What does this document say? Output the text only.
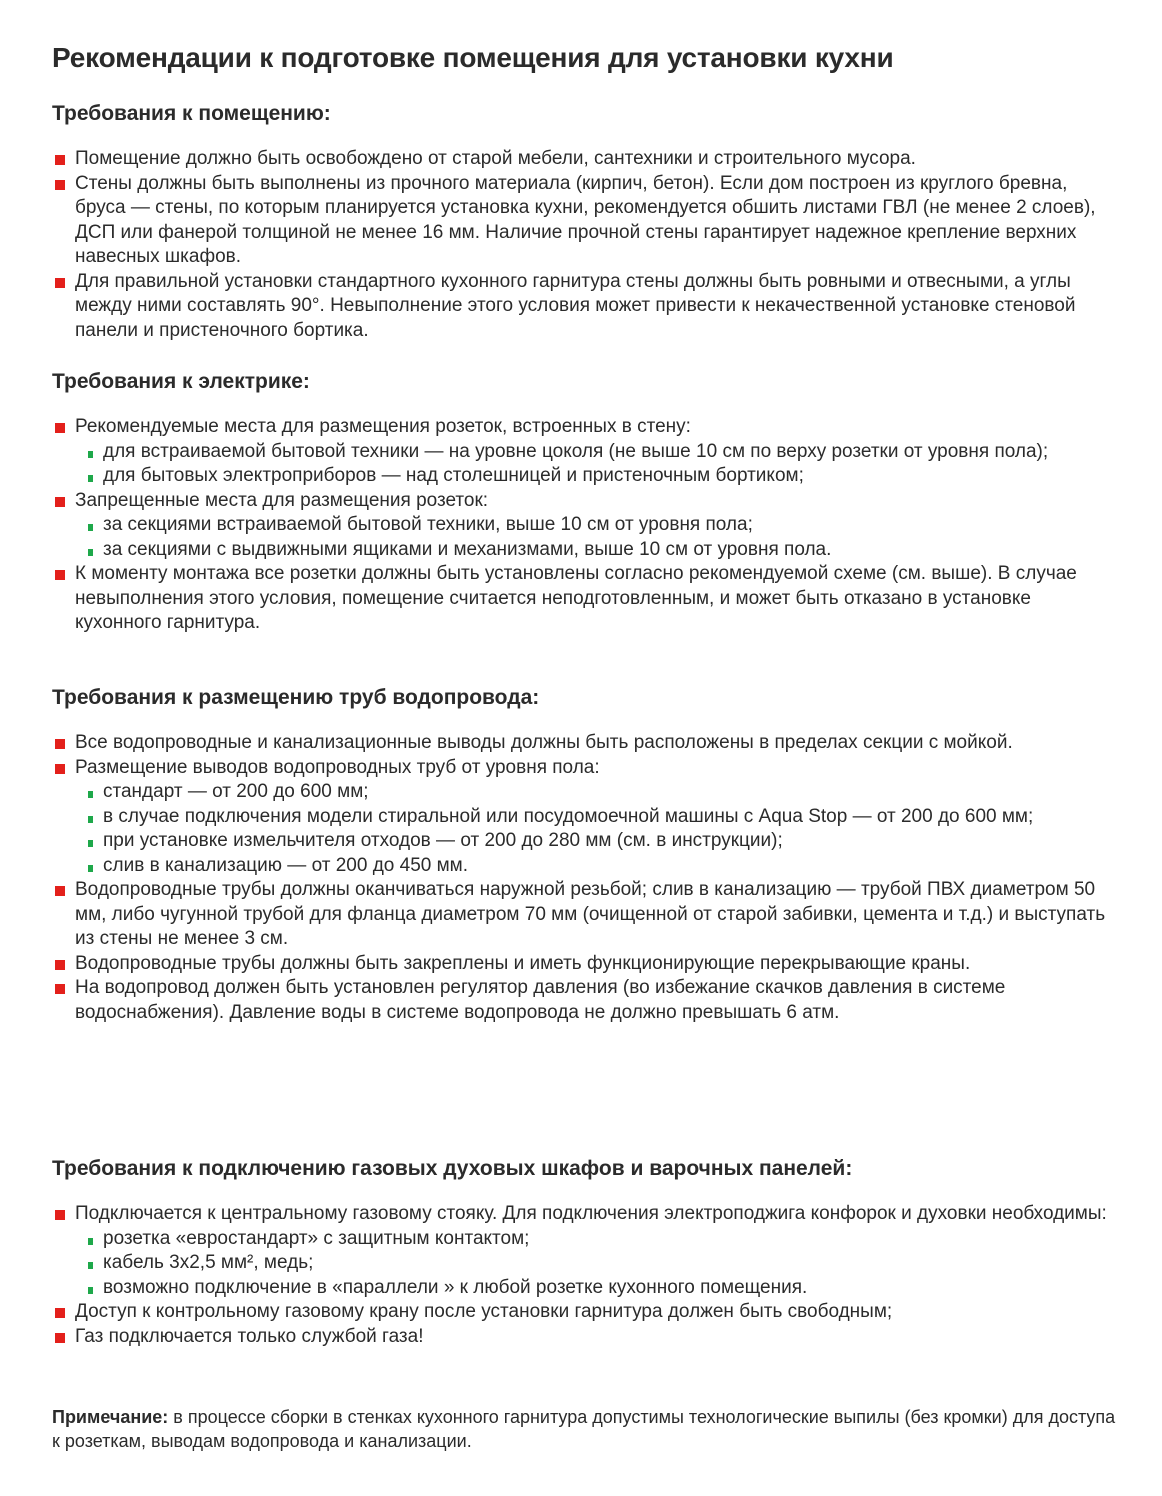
Рекомендации к подготовке помещения для установки кухни
Требования к помещению:
Помещение должно быть освобождено от старой мебели, сантехники и строительного мусора.
Стены должны быть выполнены из прочного материала (кирпич, бетон). Если дом построен из круглого бревна, бруса — стены, по которым планируется установка кухни, рекомендуется обшить листами ГВЛ (не менее 2 слоев), ДСП или фанерой толщиной не менее 16 мм. Наличие прочной стены гарантирует надежное крепление верхних навесных шкафов.
Для правильной установки стандартного кухонного гарнитура стены должны быть ровными и отвесными, а углы между ними составлять 90°. Невыполнение этого условия может привести к некачественной установке стеновой панели и пристеночного бортика.
Требования к электрике:
Рекомендуемые места для размещения розеток, встроенных в стену:
для встраиваемой бытовой техники — на уровне цоколя (не выше 10 см по верху розетки от уровня пола);
для бытовых электроприборов — над столешницей и пристеночным бортиком;
Запрещенные места для размещения розеток:
за секциями встраиваемой бытовой техники, выше 10 см от уровня пола;
за секциями с выдвижными ящиками и механизмами, выше 10 см от уровня пола.
К моменту монтажа все розетки должны быть установлены согласно рекомендуемой схеме (см. выше). В случае невыполнения этого условия, помещение считается неподготовленным, и может быть отказано в установке кухонного гарнитура.
Требования к размещению труб водопровода:
Все водопроводные и канализационные выводы должны быть расположены в пределах секции с мойкой.
Размещение выводов водопроводных труб от уровня пола:
стандарт — от 200 до 600 мм;
в случае подключения модели стиральной или посудомоечной машины с Aqua Stop — от 200 до 600 мм;
при установке измельчителя отходов — от 200 до 280 мм (см. в инструкции);
слив в канализацию — от 200 до 450 мм.
Водопроводные трубы должны оканчиваться наружной резьбой; слив в канализацию — трубой ПВХ диаметром 50 мм, либо чугунной трубой для фланца диаметром 70 мм (очищенной от старой забивки, цемента и т.д.) и выступать из стены не менее 3 см.
Водопроводные трубы должны быть закреплены и иметь функционирующие перекрывающие краны.
На водопровод должен быть установлен регулятор давления (во избежание скачков давления в системе водоснабжения). Давление воды в системе водопровода не должно превышать 6 атм.
Требования к подключению газовых духовых шкафов и варочных панелей:
Подключается к центральному газовому стояку. Для подключения электроподжига конфорок и духовки необходимы:
розетка «евростандарт» с защитным контактом;
кабель 3х2,5 мм², медь;
возможно подключение в «параллели » к любой розетке кухонного помещения.
Доступ к контрольному газовому крану после установки гарнитура должен быть свободным;
Газ подключается только службой газа!
Примечание: в процессе сборки в стенках кухонного гарнитура допустимы технологические выпилы (без кромки) для доступа к розеткам, выводам водопровода и канализации.
